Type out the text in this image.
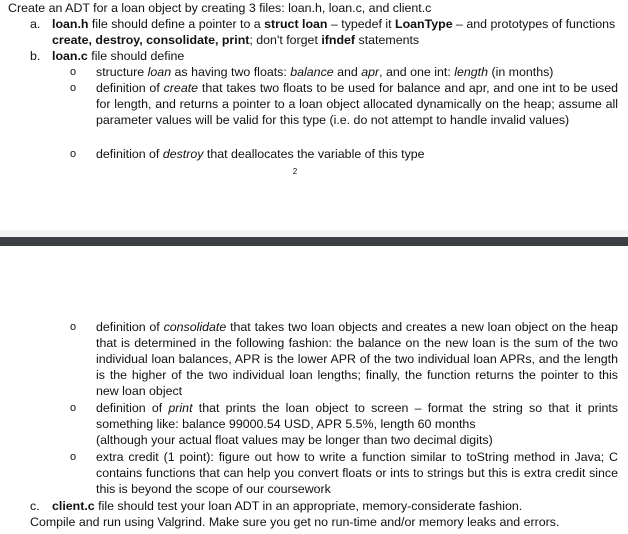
Create an ADT for a loan object by creating 3 files: loan.h, loan.c, and client.c

a. loan.h file should define a pointer to a struct loan – typedef it LoanType – and prototypes of functions create, destroy, consolidate, print; don't forget ifndef statements

b. loan.c file should define

o	structure loan as having two floats: balance and apr, and one int: length (in months)

o	definition of create that takes two floats to be used for balance and apr, and one int to be used for length, and returns a pointer to a loan object allocated dynamically on the heap; assume all parameter values will be valid for this type (i.e. do not attempt to handle invalid values)

o	definition of destroy that deallocates the variable of this type

2
o	definition of consolidate that takes two loan objects and creates a new loan object on the heap that is determined in the following fashion: the balance on the new loan is the sum of the two individual loan balances, APR is the lower APR of the two individual loan APRs, and the length is the higher of the two individual loan lengths; finally, the function returns the pointer to this new loan object

o	definition of print that prints the loan object to screen – format the string so that it prints something like: balance 99000.54 USD, APR 5.5%, length 60 months

(although your actual float values may be longer than two decimal digits)

o	extra credit (1 point): figure out how to write a function similar to toString method in Java; C contains functions that can help you convert floats or ints to strings but this is extra credit since this is beyond the scope of our coursework

c. client.c file should test your loan ADT in an appropriate, memory-considerate fashion.

Compile and run using Valgrind. Make sure you get no run-time and/or memory leaks and errors.
